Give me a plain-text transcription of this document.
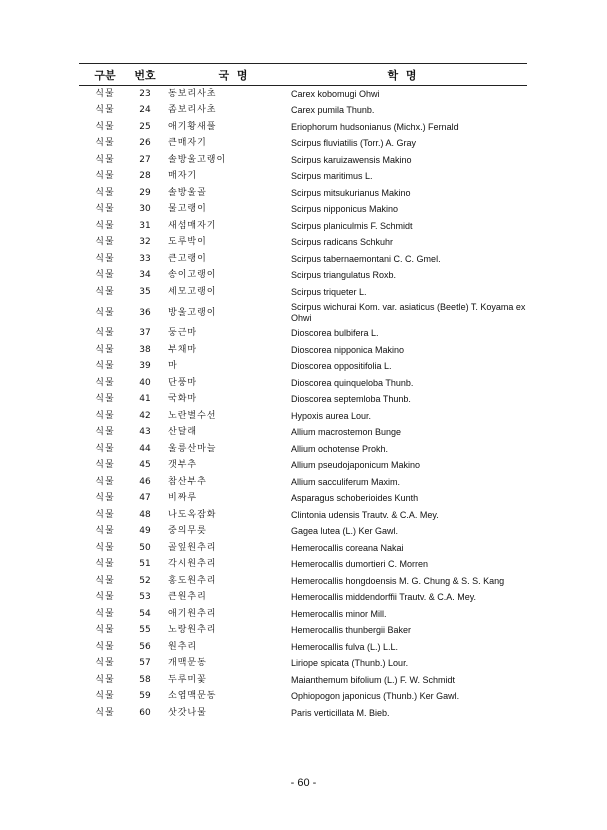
구분	번호	국 명	학 명
식물	23	동보리사초	Carex kobomugi Ohwi
식물	24	좀보리사초	Carex pumila Thunb.
식물	25	애기황새풀	Eriophorum hudsonianus (Michx.) Fernald
식물	26	큰매자기	Scirpus fluviatilis (Torr.) A. Gray
식물	27	솔방울고랭이	Scirpus karuizawensis Makino
식물	28	매자기	Scirpus maritimus L.
식물	29	솔방울골	Scirpus mitsukurianus Makino
식물	30	물고랭이	Scirpus nipponicus Makino
식물	31	새섬매자기	Scirpus planiculmis F. Schmidt
식물	32	도루박이	Scirpus radicans Schkuhr
식물	33	큰고랭이	Scirpus tabernaemontani C. C. Gmel.
식물	34	송이고랭이	Scirpus triangulatus Roxb.
식물	35	세모고랭이	Scirpus triqueter L.
식물	36	방울고랭이	Scirpus wichurai Kom. var. asiaticus (Beetle) T. Koyama ex Ohwi
식물	37	둥근마	Dioscorea bulbifera L.
식물	38	부채마	Dioscorea nipponica Makino
식물	39	마	Dioscorea oppositifolia L.
식물	40	단풍마	Dioscorea quinqueloba Thunb.
식물	41	국화마	Dioscorea septemloba Thunb.
식물	42	노란별수선	Hypoxis aurea Lour.
식물	43	산달래	Allium macrostemon Bunge
식물	44	울릉산마늘	Allium ochotense Prokh.
식물	45	갯부추	Allium pseudojaponicum Makino
식물	46	참산부추	Allium sacculiferum Maxim.
식물	47	비짜루	Asparagus schoberioides Kunth
식물	48	나도옥잠화	Clintonia udensis Trautv. & C.A. Mey.
식물	49	중의무릇	Gagea lutea (L.) Ker Gawl.
식물	50	골잎원추리	Hemerocallis coreana Nakai
식물	51	각시원추리	Hemerocallis dumortieri C. Morren
식물	52	홍도원추리	Hemerocallis hongdoensis M. G. Chung & S. S. Kang
식물	53	큰원추리	Hemerocallis middendorffii Trautv. & C.A. Mey.
식물	54	애기원추리	Hemerocallis minor Mill.
식물	55	노랑원추리	Hemerocallis thunbergii Baker
식물	56	원추리	Hemerocallis fulva (L.) L.L.
식물	57	개맥문동	Liriope spicata (Thunb.) Lour.
식물	58	두루미꽃	Maianthemum bifolium (L.) F. W. Schmidt
식물	59	소엽맥문동	Ophiopogon japonicus (Thunb.) Ker Gawl.
식물	60	삿갓나물	Paris verticillata M. Bieb.
- 60 -
